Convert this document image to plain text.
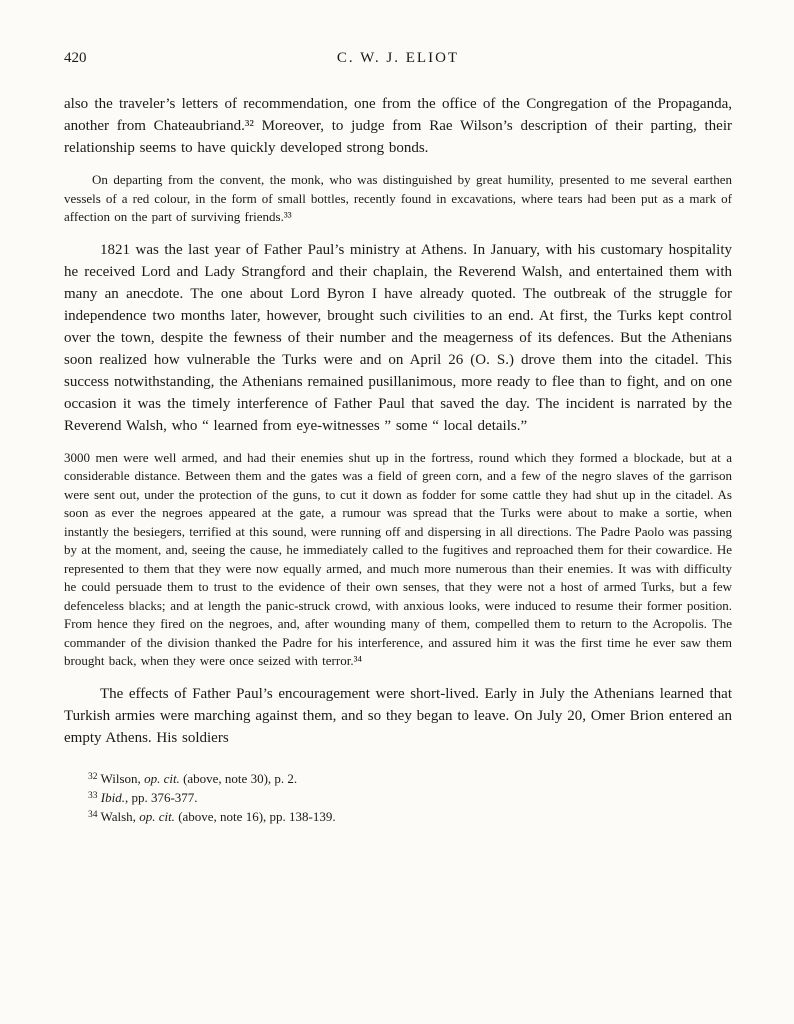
420	C. W. J. ELIOT

also the traveler’s letters of recommendation, one from the office of the Congregation of the Propaganda, another from Chateaubriand.³² Moreover, to judge from Rae Wilson’s description of their parting, their relationship seems to have quickly developed strong bonds.

On departing from the convent, the monk, who was distinguished by great humility, presented to me several earthen vessels of a red colour, in the form of small bottles, recently found in excavations, where tears had been put as a mark of affection on the part of surviving friends.³³

1821 was the last year of Father Paul’s ministry at Athens. In January, with his customary hospitality he received Lord and Lady Strangford and their chaplain, the Reverend Walsh, and entertained them with many an anecdote. The one about Lord Byron I have already quoted. The outbreak of the struggle for independence two months later, however, brought such civilities to an end. At first, the Turks kept control over the town, despite the fewness of their number and the meagerness of its defences. But the Athenians soon realized how vulnerable the Turks were and on April 26 (O. S.) drove them into the citadel. This success notwithstanding, the Athenians remained pusillanimous, more ready to flee than to fight, and on one occasion it was the timely interference of Father Paul that saved the day. The incident is narrated by the Reverend Walsh, who “ learned from eye-witnesses ” some “ local details.”

3000 men were well armed, and had their enemies shut up in the fortress, round which they formed a blockade, but at a considerable distance. Between them and the gates was a field of green corn, and a few of the negro slaves of the garrison were sent out, under the protection of the guns, to cut it down as fodder for some cattle they had shut up in the citadel. As soon as ever the negroes appeared at the gate, a rumour was spread that the Turks were about to make a sortie, when instantly the besiegers, terrified at this sound, were running off and dispersing in all directions. The Padre Paolo was passing by at the moment, and, seeing the cause, he immediately called to the fugitives and reproached them for their cowardice. He represented to them that they were now equally armed, and much more numerous than their enemies. It was with difficulty he could persuade them to trust to the evidence of their own senses, that they were not a host of armed Turks, but a few defenceless blacks; and at length the panic-struck crowd, with anxious looks, were induced to resume their former position. From hence they fired on the negroes, and, after wounding many of them, compelled them to return to the Acropolis. The commander of the division thanked the Padre for his interference, and assured him it was the first time he ever saw them brought back, when they were once seized with terror.³⁴

The effects of Father Paul’s encouragement were short-lived. Early in July the Athenians learned that Turkish armies were marching against them, and so they began to leave. On July 20, Omer Brion entered an empty Athens. His soldiers

$^{32}$ Wilson, op. cit. (above, note 30), p. 2.
$^{33}$ Ibid., pp. 376-377.
$^{34}$ Walsh, op. cit. (above, note 16), pp. 138-139.
